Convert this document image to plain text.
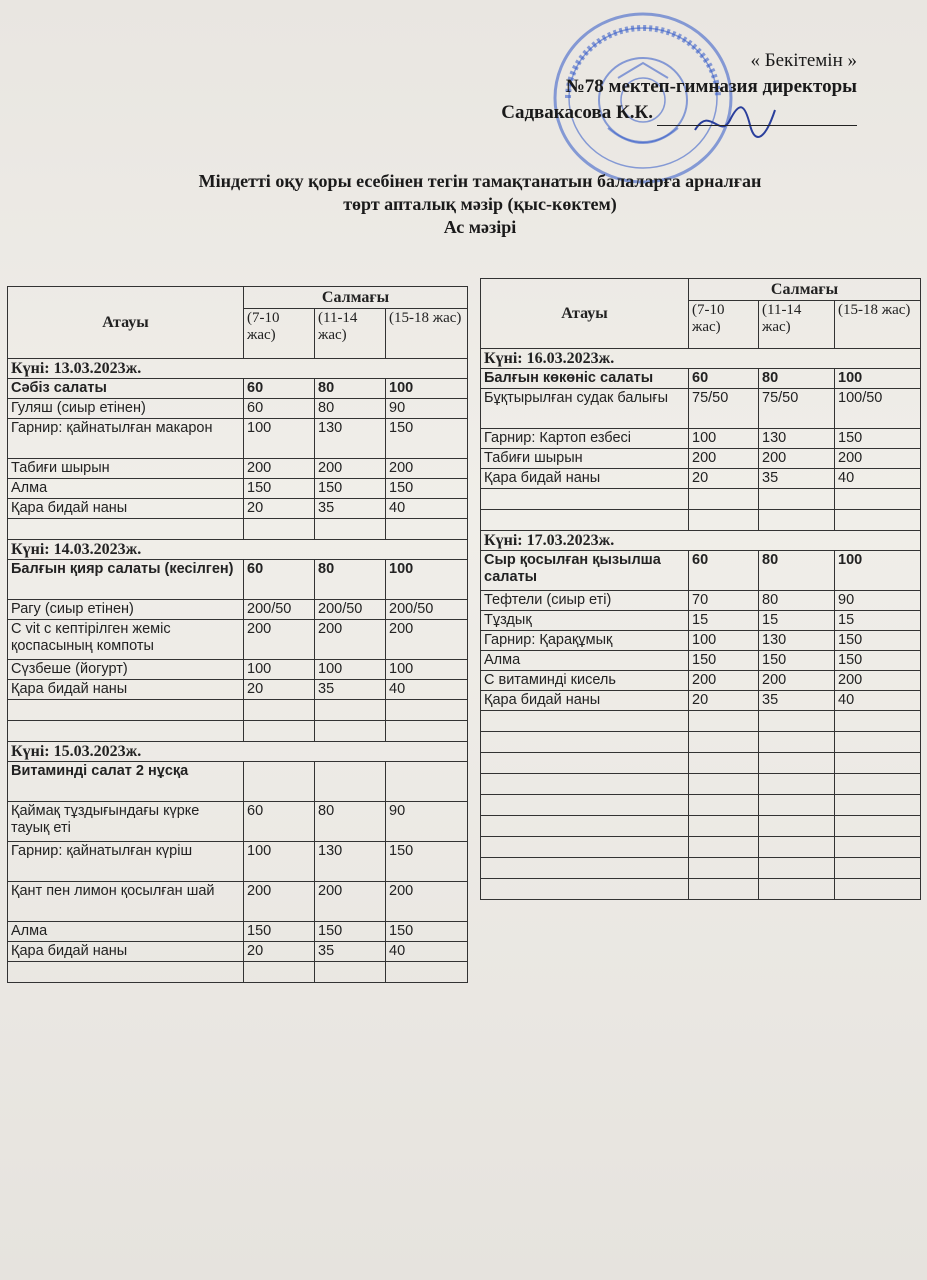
« Бекітемін »
№78 мектеп-гимназия директоры
Садвакасова К.К.
Міндетті оқу қоры есебінен тегін тамақтанатын балаларға арналған
төрт апталық мәзір (қыс-көктем)
Ас мәзірі
Атауы	Салмағы		
	(7-10 жас)	(11-14 жас)	(15-18 жас)
Күні: 13.03.2023ж.			
Сәбіз салаты	60	80	100
Гуляш (сиыр етінен)	60	80	90
Гарнир: қайнатылған макарон	100	130	150
Табиғи шырын	200	200	200
Алма	150	150	150
Қара бидай наны	20	35	40

Күні: 14.03.2023ж.			
Балғын қияр салаты (кесілген)	60	80	100
Рагу (сиыр етінен)	200/50	200/50	200/50
С vit с кептірілген жеміс қоспасының компоты	200	200	200
Сүзбеше (йогурт)	100	100	100
Қара бидай наны	20	35	40

Күні: 15.03.2023ж.			
Витаминді салат 2 нұсқа			
Қаймақ тұздығындағы күрке тауық еті	60	80	90
Гарнир: қайнатылған күріш	100	130	150
Қант пен лимон қосылған шай	200	200	200
Алма	150	150	150
Қара бидай наны	20	35	40

Атауы	Салмағы		
	(7-10 жас)	(11-14 жас)	(15-18 жас)
Күні: 16.03.2023ж.			
Балғын көкөніс салаты	60	80	100
Бұқтырылған судак балығы	75/50	75/50	100/50
Гарнир: Картоп езбесі	100	130	150
Табиғи шырын	200	200	200
Қара бидай наны	20	35	40

Күні: 17.03.2023ж.			
Сыр қосылған қызылша салаты	60	80	100
Тефтели (сиыр еті)	70	80	90
Тұздық	15	15	15
Гарнир: Қарақұмық	100	130	150
Алма	150	150	150
С витаминді кисель	200	200	200
Қара бидай наны	20	35	40
